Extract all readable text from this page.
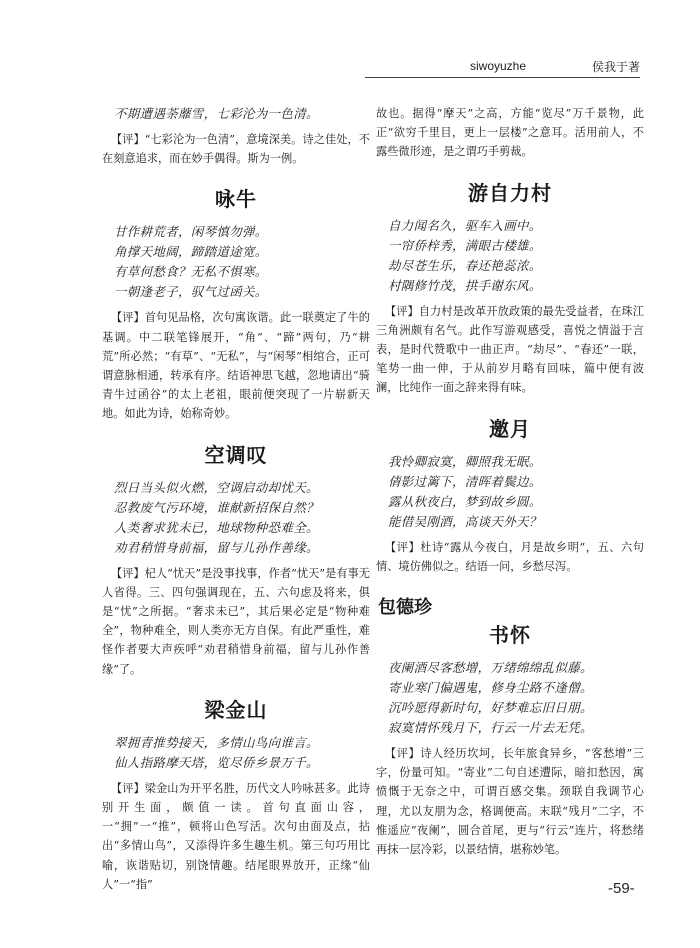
siwoyuzhe	侯我于著

不期遭遇荼蘼雪，七彩沦为一色清。

【评】“七彩沦为一色清”，意境深美。诗之佳处，不在刻意追求，而在妙手偶得。斯为一例。

咏牛

甘作耕荒者，闲琴慎勿弹。

角撑天地阔，蹄踏道途宽。

有草何愁食？无私不惧寒。

一朝逢老子，驭气过函关。

【评】首句见品格，次句寓诙谐。此一联奠定了牛的基调。中二联笔锋展开，“角”、“蹄”两句，乃“耕荒”所必然；“有草”、“无私”，与“闲琴”相绾合，正可谓意脉相通，转承有序。结语神思飞越，忽地请出“骑青牛过函谷”的太上老祖，眼前便突现了一片崭新天地。如此为诗，始称奇妙。

空调叹

烈日当头似火燃，空调启动却忧天。

忍教废气污环境，谁献新招保自然？

人类奢求犹未已，地球物种恐难全。

劝君稍惜身前福，留与儿孙作善缘。

【评】杞人“忧天”是没事找事，作者“忧天”是有事无人省得。三、四句强调现在，五、六句虑及将来，俱是“忧”之所据。“奢求未已”，其后果必定是“物种难全”，物种难全，则人类亦无方自保。有此严重性，难怪作者要大声疾呼“劝君稍惜身前福，留与儿孙作善缘”了。

梁金山

翠拥青推势接天，多情山鸟向谁言。

仙人指路摩天塔，览尽侨乡景万千。

【评】梁金山为开平名胜，历代文人吟咏甚多。此诗别开生面，颇值一读。首句直面山容，一“拥”一“推”，顿将山色写活。次句由面及点，拈出“多情山鸟”，又添得许多生趣生机。第三句巧用比喻，诙谐贴切，别饶情趣。结尾眼界放开，正缘“仙人”一“指”

故也。据得“摩天”之高，方能“览尽”万千景物，此正“欲穷千里目，更上一层楼”之意耳。活用前人，不露些微形迹，是之谓巧手剪裁。

游自力村

自力闻名久，驱车入画中。

一帘侨梓秀，满眼古楼雄。

劫尽苍生乐，春还艳蕊浓。

村隅修竹茂，拱手谢东风。

【评】自力村是改革开放政策的最先受益者，在珠江三角洲颇有名气。此作写游观感受，喜悦之情溢于言表，是时代赞歌中一曲正声。“劫尽”、“春还”一联，笔势一曲一伸，于从前岁月略有回味，篇中便有波澜，比纯作一面之辞来得有味。

邀月

我怜卿寂寞，卿照我无眠。

倩影过篱下，清晖着鬓边。

露从秋夜白，梦到故乡圆。

能借吴刚酒，高谈天外天？

【评】杜诗“露从今夜白，月是故乡明”，五、六句情、境仿佛似之。结语一问，乡愁尽泻。

包德珍
书怀

夜阑酒尽客愁增，万绪绵绵乱似藤。

寄业寒门偏遇鬼，修身尘路不逢僧。

沉吟愿得新时句，好梦难忘旧日朋。

寂寞情怀残月下，行云一片去无凭。

【评】诗人经历坎坷，长年旅食异乡，“客愁增”三字，份量可知。“寄业”二句自述遭际，暗扣愁因，寓愤慨于无奈之中，可谓百感交集。颈联自我调节心理，尤以友朋为念，格调便高。末联“残月”二字，不惟遥应“夜阑”，圆合首尾，更与“行云”连片，将愁绪再抹一层冷彩，以景结情，堪称妙笔。

-59-
